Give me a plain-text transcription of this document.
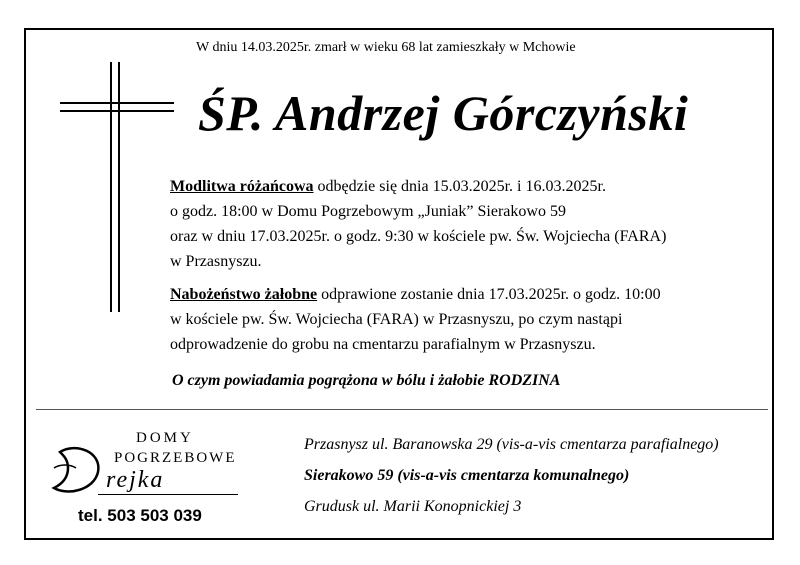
W dniu 14.03.2025r. zmarł w wieku 68 lat zamieszkały w Mchowie
ŚP. Andrzej Górczyński
Modlitwa różańcowa odbędzie się dnia 15.03.2025r. i 16.03.2025r.
o godz. 18:00 w Domu Pogrzebowym „Juniak” Sierakowo 59
oraz w dniu 17.03.2025r. o godz. 9:30 w kościele pw. Św. Wojciecha (FARA)
w Przasnyszu.
Nabożeństwo żałobne odprawione zostanie dnia 17.03.2025r. o godz. 10:00
w kościele pw. Św. Wojciecha (FARA) w Przasnyszu, po czym nastąpi
odprowadzenie do grobu na cmentarzu parafialnym w Przasnyszu.
O czym powiadamia pogrążona w bólu i żałobie RODZINA
DOMY
POGRZEBOWE
rejka
tel. 503 503 039
Przasnysz ul. Baranowska 29 (vis-a-vis cmentarza parafialnego)
Sierakowo 59 (vis-a-vis cmentarza komunalnego)
Grudusk ul. Marii Konopnickiej 3
